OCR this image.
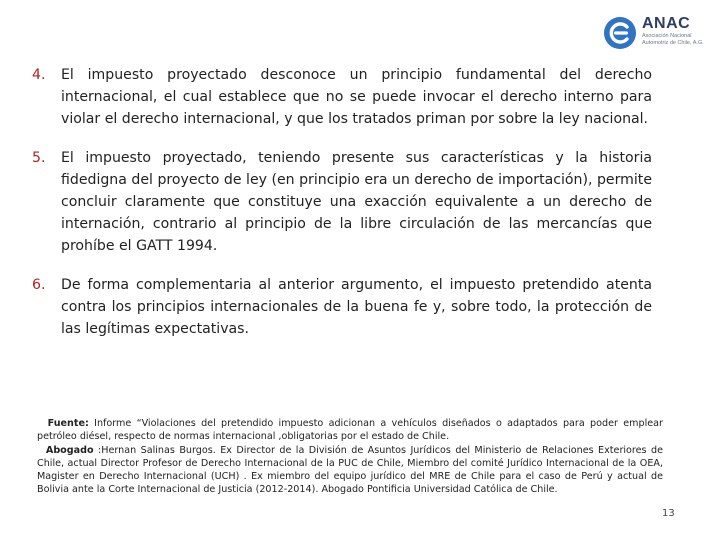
ANAC
Asociación Nacional
Automotriz de Chile, A.G.
4. El impuesto proyectado desconoce un principio fundamental del derecho internacional, el cual establece que no se puede invocar el derecho interno para violar el derecho internacional, y que los tratados priman por sobre la ley nacional.
5. El impuesto proyectado, teniendo presente sus características y la historia fidedigna del proyecto de ley (en principio era un derecho de importación), permite concluir claramente que constituye una exacción equivalente a un derecho de internación, contrario al principio de la libre circulación de las mercancías que prohíbe el GATT 1994.
6. De forma complementaria al anterior argumento, el impuesto pretendido atenta contra los principios internacionales de la buena fe y, sobre todo, la protección de las legítimas expectativas.
Fuente: Informe “Violaciones del pretendido impuesto adicionan a vehículos diseñados o adaptados para poder emplear petróleo diésel, respecto de normas internacional ,obligatorias por el estado de Chile.
Abogado :Hernan Salinas Burgos. Ex Director de la División de Asuntos Jurídicos del Ministerio de Relaciones Exteriores de Chile, actual Director Profesor de Derecho Internacional de la PUC de Chile, Miembro del comité Jurídico Internacional de la OEA, Magister en Derecho Internacional (UCH) . Ex miembro del equipo jurídico del MRE de Chile para el caso de Perú y actual de Bolivia ante la Corte Internacional de Justicia (2012-2014). Abogado Pontificia Universidad Católica de Chile.
13
